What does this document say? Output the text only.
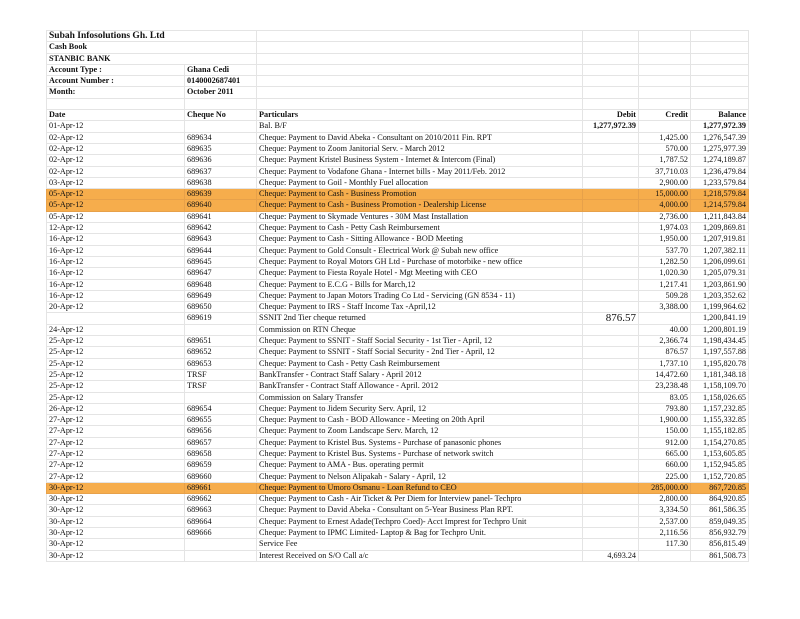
Subah Infosolutions Gh. Ltd					
Cash Book					
STANBIC BANK					
Account Type :	Ghana Cedi				
Account Number :	0140002687401				
Month:	October 2011				

Date	Cheque No	Particulars	Debit	Credit	Balance
01-Apr-12		Bal. B/F	1,277,972.39		1,277,972.39
02-Apr-12	689634	Cheque: Payment to David Abeka - Consultant on 2010/2011 Fin. RPT		1,425.00	1,276,547.39
02-Apr-12	689635	Cheque: Payment to Zoom Janitorial Serv. - March 2012		570.00	1,275,977.39
02-Apr-12	689636	Cheque: Payment Kristel Business System - Internet & Intercom (Final)		1,787.52	1,274,189.87
02-Apr-12	689637	Cheque: Payment to Vodafone Ghana - Internet bills - May 2011/Feb. 2012		37,710.03	1,236,479.84
03-Apr-12	689638	Cheque: Payment to Goil - Monthly Fuel allocation		2,900.00	1,233,579.84
05-Apr-12	689639	Cheque: Payment to Cash - Business Promotion		15,000.00	1,218,579.84
05-Apr-12	689640	Cheque: Payment to Cash - Business Promotion - Dealership License		4,000.00	1,214,579.84
05-Apr-12	689641	Cheque: Payment to Skymade Ventures - 30M Mast Installation		2,736.00	1,211,843.84
12-Apr-12	689642	Cheque: Payment to Cash - Petty Cash Reimbursement		1,974.03	1,209,869.81
16-Apr-12	689643	Cheque: Payment to Cash - Sitting Allowance - BOD Meeting		1,950.00	1,207,919.81
16-Apr-12	689644	Cheque: Payment to Gold Consult - Electrical Work @ Subah new office		537.70	1,207,382.11
16-Apr-12	689645	Cheque: Payment to Royal Motors GH Ltd - Purchase of motorbike - new office		1,282.50	1,206,099.61
16-Apr-12	689647	Cheque: Payment to Fiesta Royale Hotel - Mgt Meeting with CEO		1,020.30	1,205,079.31
16-Apr-12	689648	Cheque: Payment to E.C.G - Bills for March,12		1,217.41	1,203,861.90
16-Apr-12	689649	Cheque: Payment to Japan Motors Trading Co Ltd - Servicing (GN 8534 - 11)		509.28	1,203,352.62
20-Apr-12	689650	Cheque: Payment to IRS - Staff Income Tax -April,12		3,388.00	1,199,964.62
	689619	SSNIT 2nd Tier cheque returned	876.57		1,200,841.19
24-Apr-12		Commission on RTN Cheque		40.00	1,200,801.19
25-Apr-12	689651	Cheque: Payment to SSNIT - Staff Social Security - 1st Tier - April, 12		2,366.74	1,198,434.45
25-Apr-12	689652	Cheque: Payment to SSNIT - Staff Social Security - 2nd Tier - April, 12		876.57	1,197,557.88
25-Apr-12	689653	Cheque: Payment to Cash - Petty Cash Reimbursement		1,737.10	1,195,820.78
25-Apr-12	TRSF	BankTransfer - Contract Staff Salary - April 2012		14,472.60	1,181,348.18
25-Apr-12	TRSF	BankTransfer - Contract Staff AIlowance - April. 2012		23,238.48	1,158,109.70
25-Apr-12		Commission on Salary Transfer		83.05	1,158,026.65
26-Apr-12	689654	Cheque: Payment to Jidem Security Serv. April, 12		793.80	1,157,232.85
27-Apr-12	689655	Cheque: Payment to Cash - BOD Allowance - Meeting on 20th April		1,900.00	1,155,332.85
27-Apr-12	689656	Cheque: Payment to Zoom Landscape Serv. March, 12		150.00	1,155,182.85
27-Apr-12	689657	Cheque: Payment to Kristel Bus. Systems - Purchase of panasonic phones		912.00	1,154,270.85
27-Apr-12	689658	Cheque: Payment to Kristel Bus. Systems - Purchase of network switch		665.00	1,153,605.85
27-Apr-12	689659	Cheque: Payment to AMA - Bus. operating permit		660.00	1,152,945.85
27-Apr-12	689660	Cheque: Payment to Nelson Alipakah - Salary - April, 12		225.00	1,152,720.85
30-Apr-12	689661	Cheque: Payment to Umoro Osmanu - Loan Refund to CEO		285,000.00	867,720.85
30-Apr-12	689662	Cheque: Payment to Cash - Air Ticket & Per Diem for Interview panel- Techpro		2,800.00	864,920.85
30-Apr-12	689663	Cheque: Payment to David Abeka - Consultant on 5-Year Business Plan RPT.		3,334.50	861,586.35
30-Apr-12	689664	Cheque: Payment to Ernest Adade(Techpro Coed)- Acct Imprest for Techpro Unit		2,537.00	859,049.35
30-Apr-12	689666	Cheque: Payment to IPMC Limited- Laptop & Bag for Techpro Unit.		2,116.56	856,932.79
30-Apr-12		Service Fee		117.30	856,815.49
30-Apr-12		Interest Received on S/O Call a/c	4,693.24		861,508.73
